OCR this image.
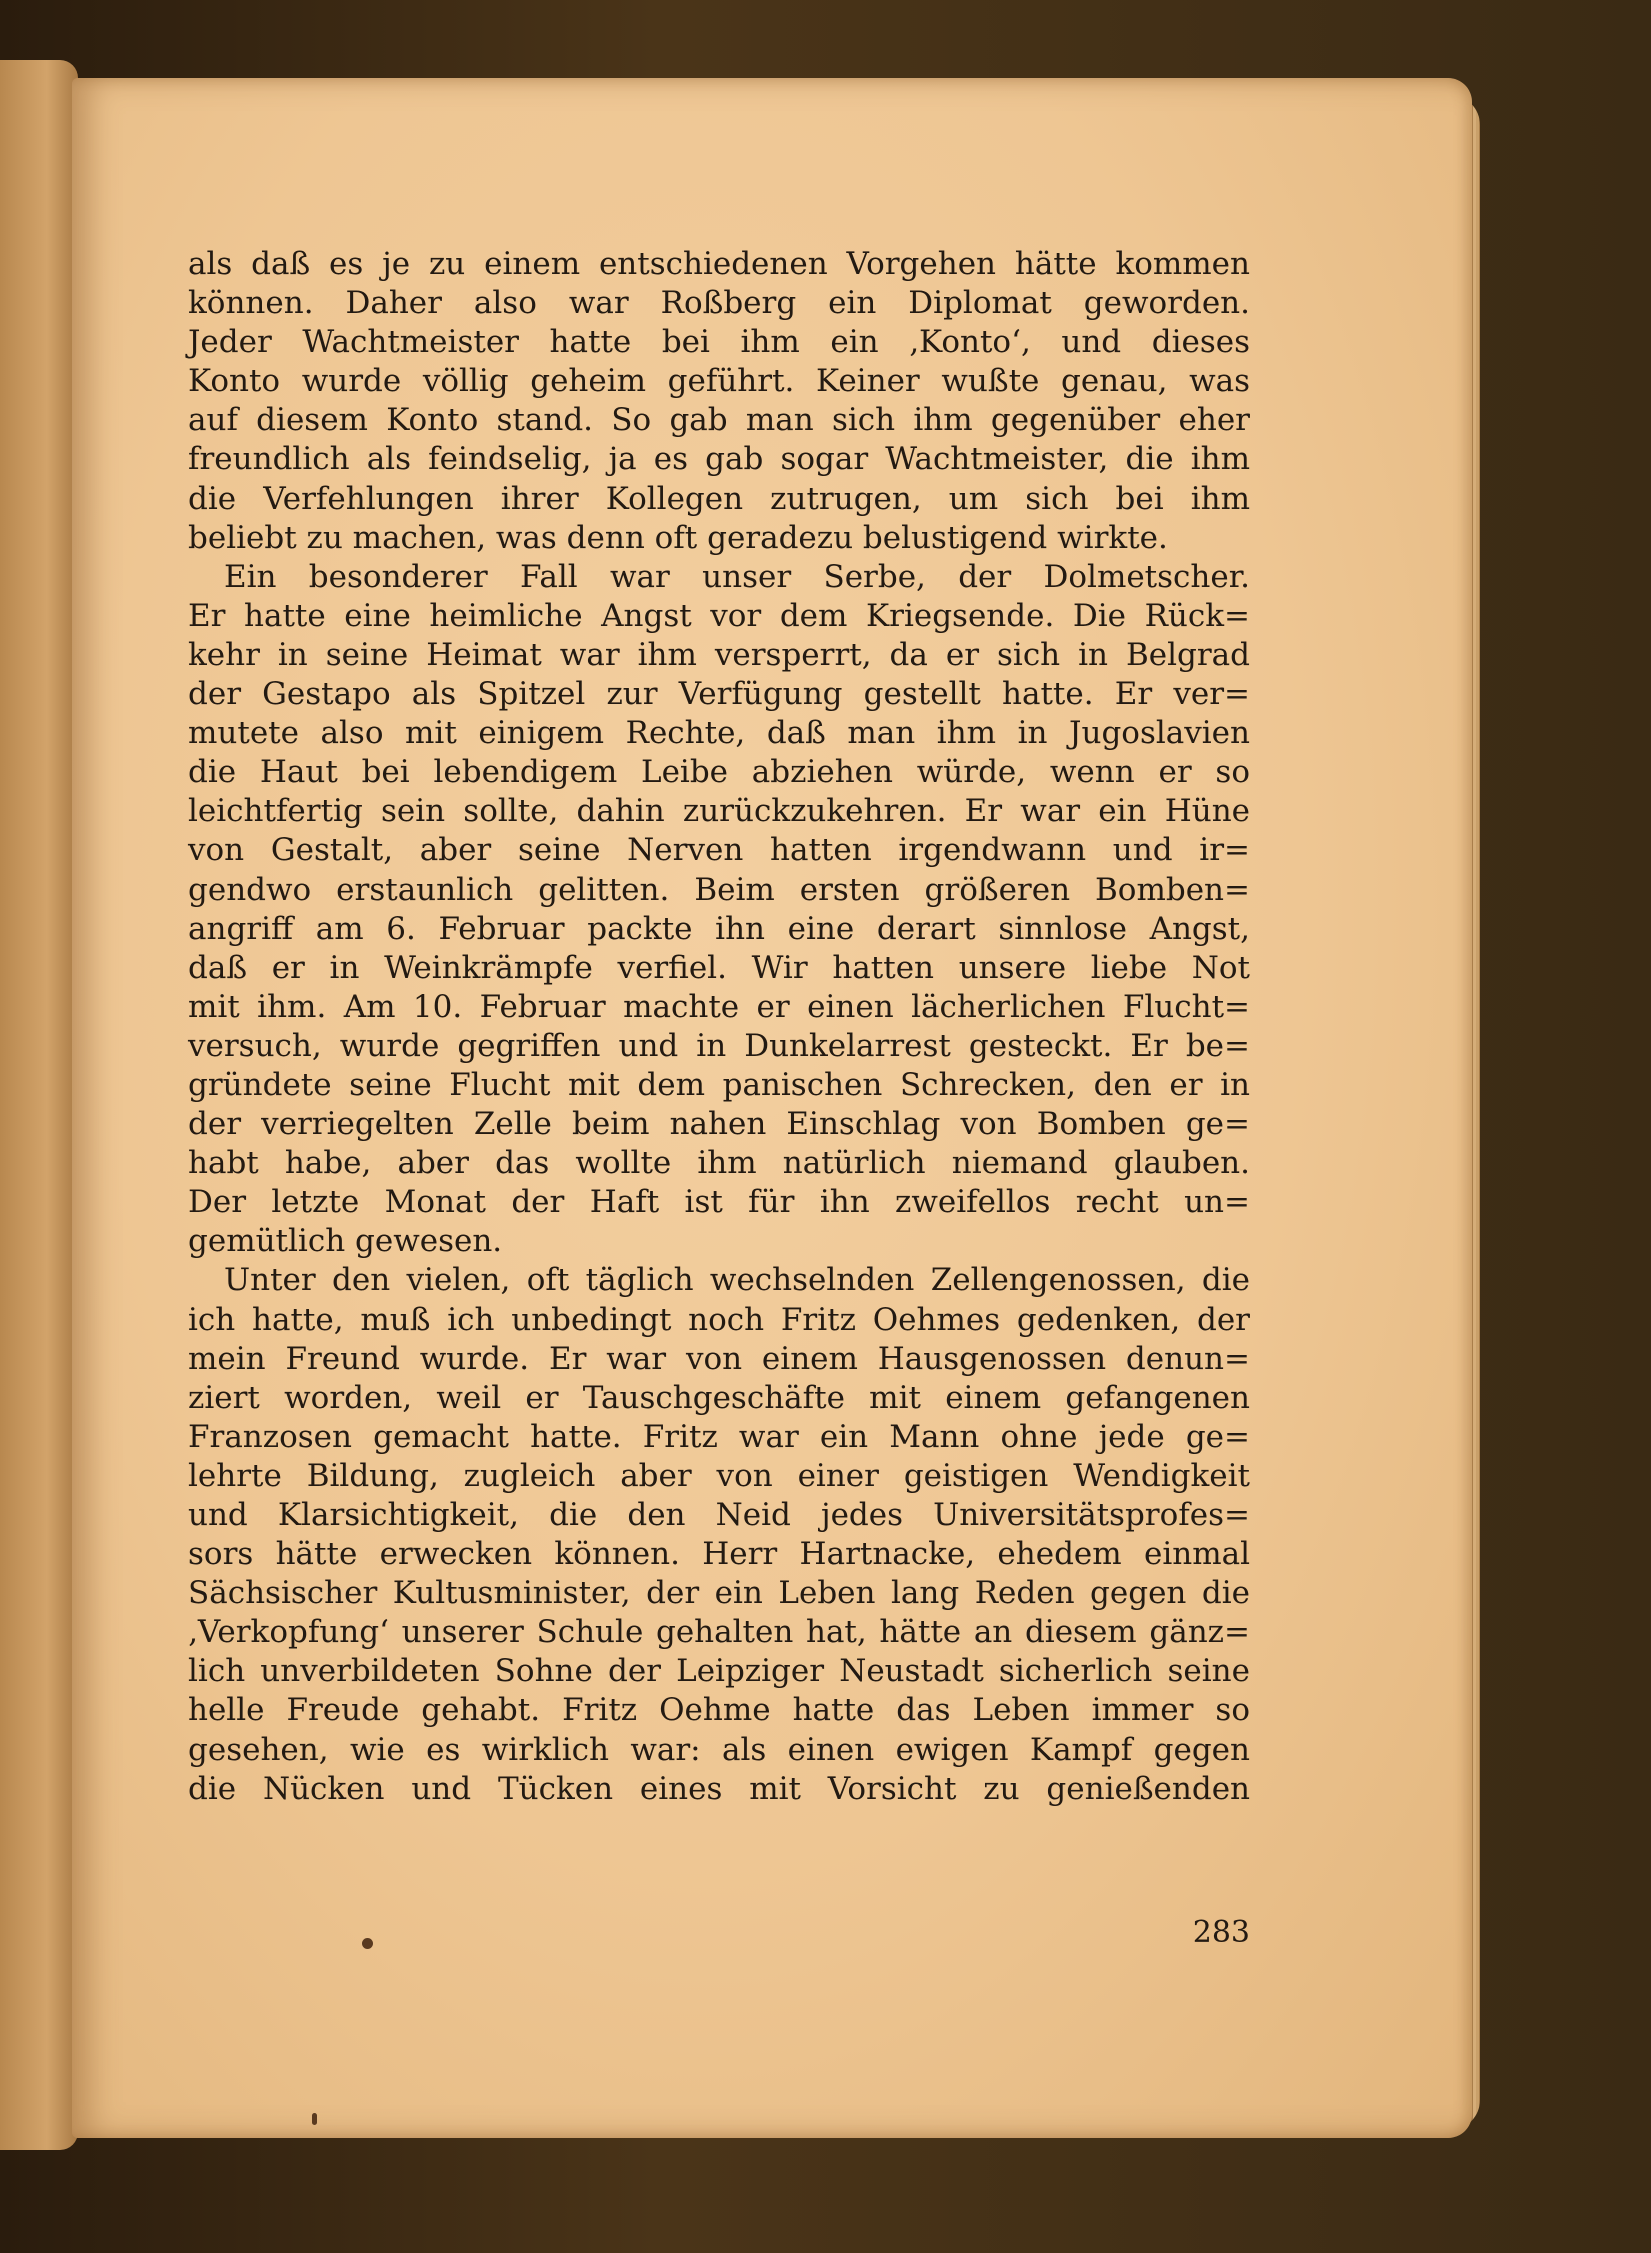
als daß es je zu einem entschiedenen Vorgehen hätte kommen
können. Daher also war Roßberg ein Diplomat geworden.
Jeder Wachtmeister hatte bei ihm ein ‚Konto‘, und dieses
Konto wurde völlig geheim geführt. Keiner wußte genau, was
auf diesem Konto stand. So gab man sich ihm gegenüber eher
freundlich als feindselig, ja es gab sogar Wachtmeister, die ihm
die Verfehlungen ihrer Kollegen zutrugen, um sich bei ihm
beliebt zu machen, was denn oft geradezu belustigend wirkte.
Ein besonderer Fall war unser Serbe, der Dolmetscher.
Er hatte eine heimliche Angst vor dem Kriegsende. Die Rück=
kehr in seine Heimat war ihm versperrt, da er sich in Belgrad
der Gestapo als Spitzel zur Verfügung gestellt hatte. Er ver=
mutete also mit einigem Rechte, daß man ihm in Jugoslavien
die Haut bei lebendigem Leibe abziehen würde, wenn er so
leichtfertig sein sollte, dahin zurückzukehren. Er war ein Hüne
von Gestalt, aber seine Nerven hatten irgendwann und ir=
gendwo erstaunlich gelitten. Beim ersten größeren Bomben=
angriff am 6. Februar packte ihn eine derart sinnlose Angst,
daß er in Weinkrämpfe verfiel. Wir hatten unsere liebe Not
mit ihm. Am 10. Februar machte er einen lächerlichen Flucht=
versuch, wurde gegriffen und in Dunkelarrest gesteckt. Er be=
gründete seine Flucht mit dem panischen Schrecken, den er in
der verriegelten Zelle beim nahen Einschlag von Bomben ge=
habt habe, aber das wollte ihm natürlich niemand glauben.
Der letzte Monat der Haft ist für ihn zweifellos recht un=
gemütlich gewesen.
Unter den vielen, oft täglich wechselnden Zellengenossen, die
ich hatte, muß ich unbedingt noch Fritz Oehmes gedenken, der
mein Freund wurde. Er war von einem Hausgenossen denun=
ziert worden, weil er Tauschgeschäfte mit einem gefangenen
Franzosen gemacht hatte. Fritz war ein Mann ohne jede ge=
lehrte Bildung, zugleich aber von einer geistigen Wendigkeit
und Klarsichtigkeit, die den Neid jedes Universitätsprofes=
sors hätte erwecken können. Herr Hartnacke, ehedem einmal
Sächsischer Kultusminister, der ein Leben lang Reden gegen die
‚Verkopfung‘ unserer Schule gehalten hat, hätte an diesem gänz=
lich unverbildeten Sohne der Leipziger Neustadt sicherlich seine
helle Freude gehabt. Fritz Oehme hatte das Leben immer so
gesehen, wie es wirklich war: als einen ewigen Kampf gegen
die Nücken und Tücken eines mit Vorsicht zu genießenden
283
